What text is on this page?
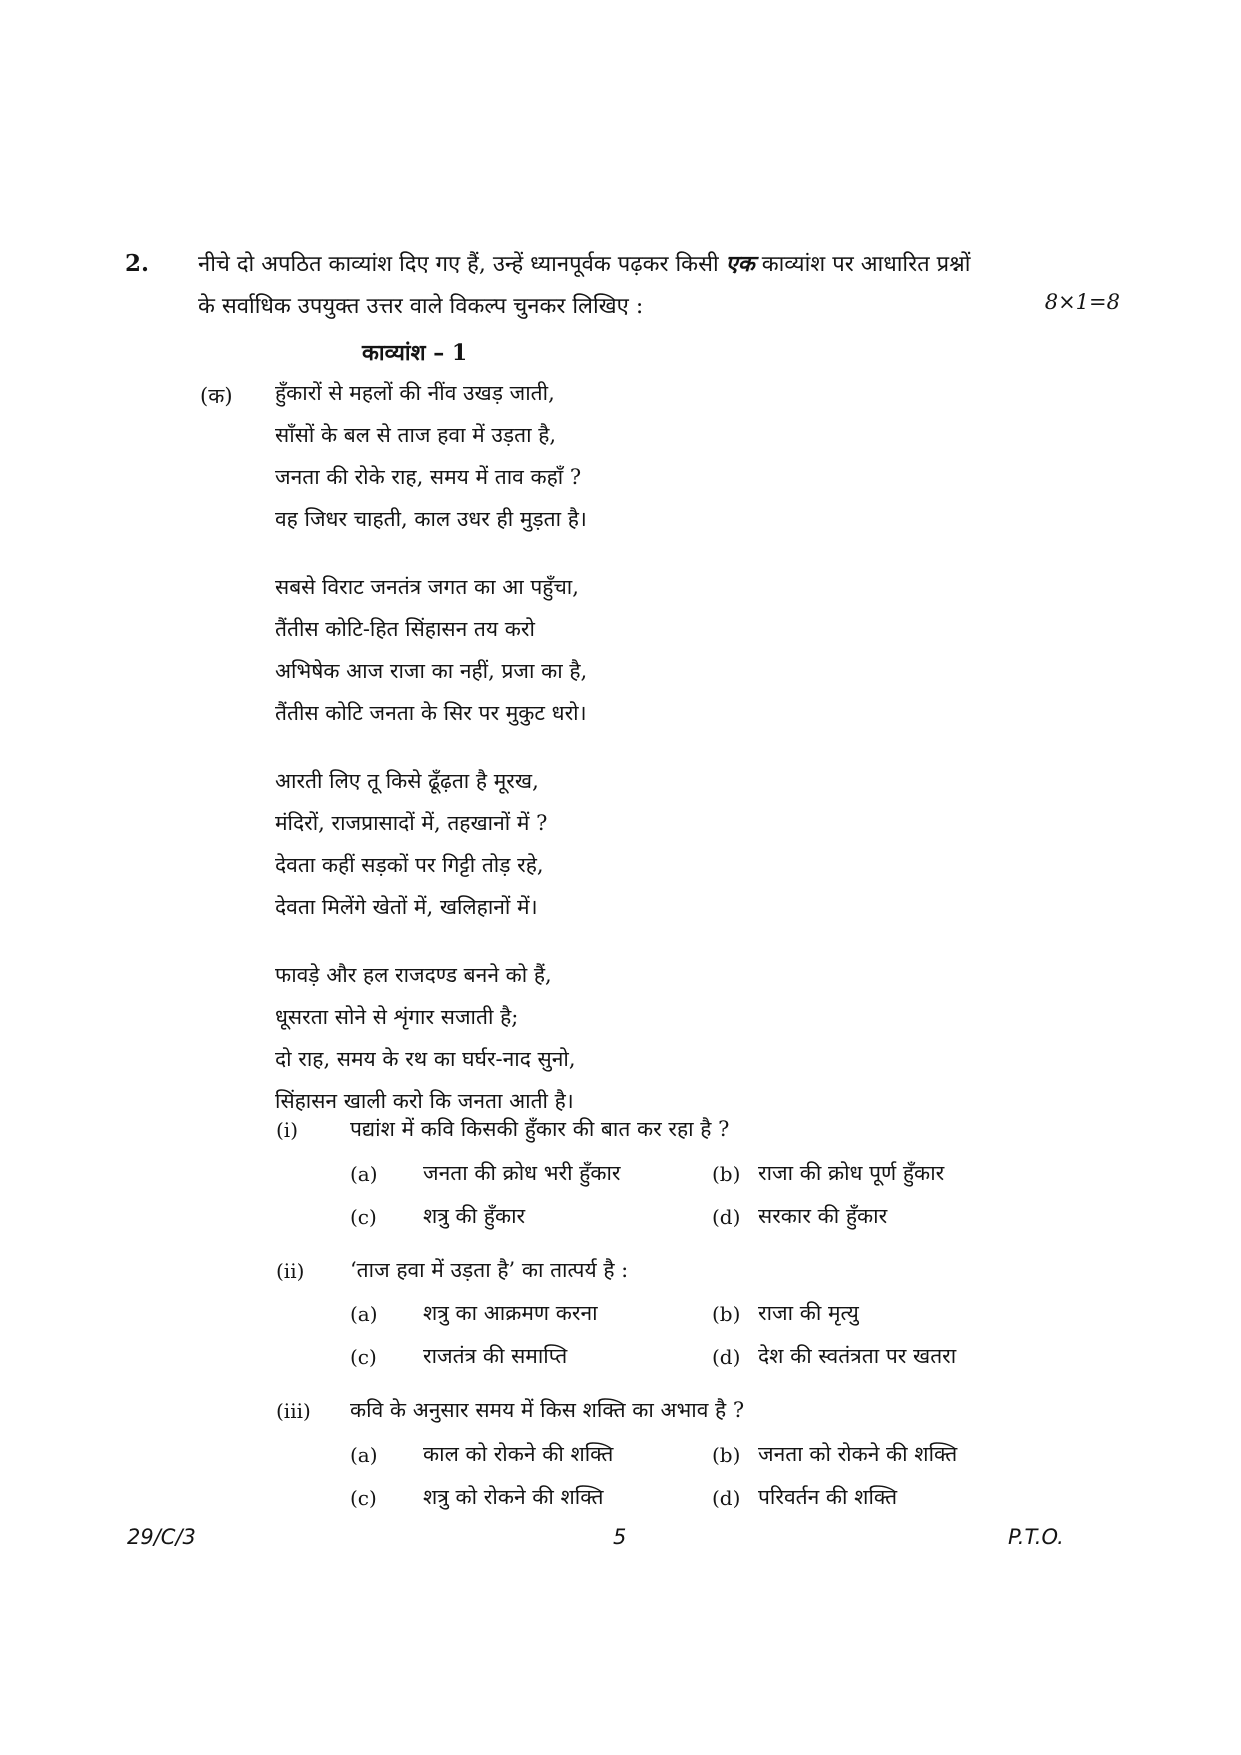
2. नीचे दो अपठित काव्यांश दिए गए हैं, उन्हें ध्यानपूर्वक पढ़कर किसी एक काव्यांश पर आधारित प्रश्नों
के सर्वाधिक उपयुक्त उत्तर वाले विकल्प चुनकर लिखिए :	8×1=8
काव्यांश – 1
(क) हुँकारों से महलों की नींव उखड़ जाती,
साँसों के बल से ताज हवा में उड़ता है,
जनता की रोके राह, समय में ताव कहाँ ?
वह जिधर चाहती, काल उधर ही मुड़ता है।
सबसे विराट जनतंत्र जगत का आ पहुँचा,
तैंतीस कोटि-हित सिंहासन तय करो
अभिषेक आज राजा का नहीं, प्रजा का है,
तैंतीस कोटि जनता के सिर पर मुकुट धरो।
आरती लिए तू किसे ढूँढ़ता है मूरख,
मंदिरों, राजप्रासादों में, तहखानों में ?
देवता कहीं सड़कों पर गिट्टी तोड़ रहे,
देवता मिलेंगे खेतों में, खलिहानों में।
फावड़े और हल राजदण्ड बनने को हैं,
धूसरता सोने से शृंगार सजाती है;
दो राह, समय के रथ का घर्घर-नाद सुनो,
सिंहासन खाली करो कि जनता आती है।
(i) पद्यांश में कवि किसकी हुँकार की बात कर रहा है ?
(a) जनता की क्रोध भरी हुँकार	(b) राजा की क्रोध पूर्ण हुँकार
(c) शत्रु की हुँकार	(d) सरकार की हुँकार
(ii) ‘ताज हवा में उड़ता है’ का तात्पर्य है :
(a) शत्रु का आक्रमण करना	(b) राजा की मृत्यु
(c) राजतंत्र की समाप्ति	(d) देश की स्वतंत्रता पर खतरा
(iii) कवि के अनुसार समय में किस शक्ति का अभाव है ?
(a) काल को रोकने की शक्ति	(b) जनता को रोकने की शक्ति
(c) शत्रु को रोकने की शक्ति	(d) परिवर्तन की शक्ति
29/C/3	5	P.T.O.
